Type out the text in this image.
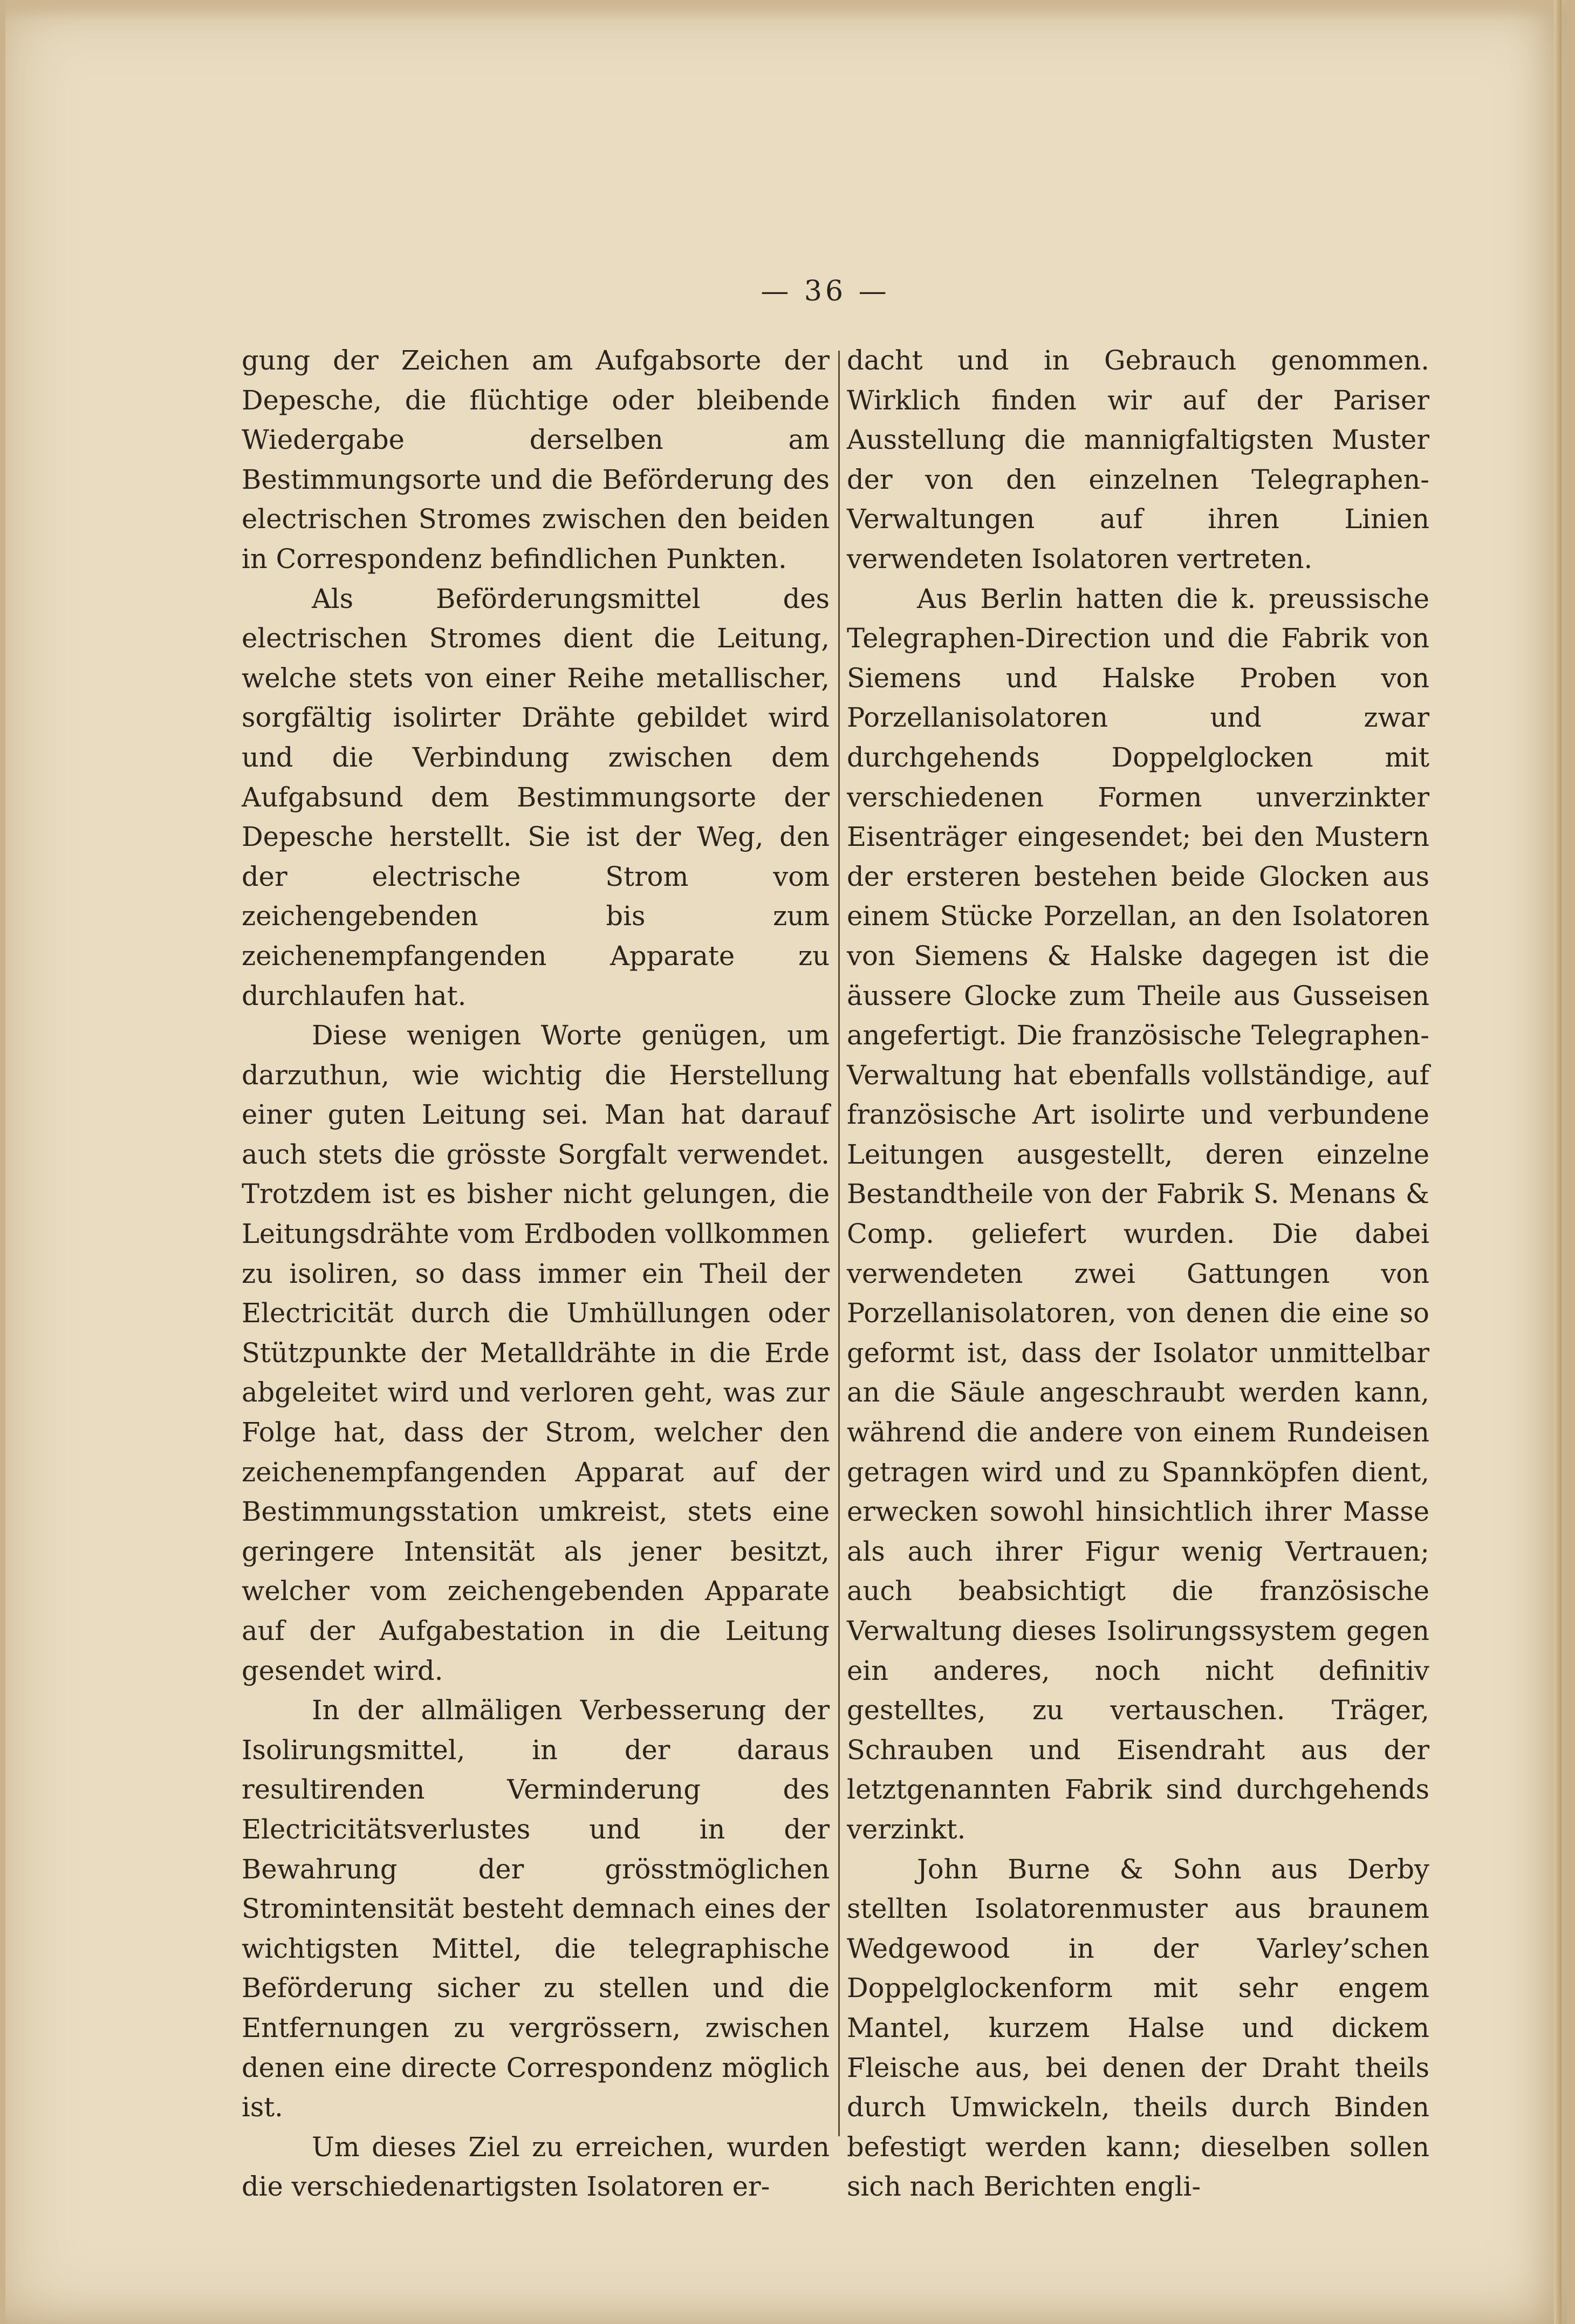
— 36 —

gung der Zeichen am Aufgabsorte der Depesche, die flüchtige oder bleibende Wiedergabe derselben am Bestimmungsorte und die Beförderung des electrischen Stromes zwischen den beiden in Correspondenz befindlichen Punkten.

Als Beförderungsmittel des electrischen Stromes dient die Leitung, welche stets von einer Reihe metallischer, sorgfältig isolirter Drähte gebildet wird und die Verbindung zwischen dem Aufgabsund dem Bestimmungsorte der Depesche herstellt. Sie ist der Weg, den der electrische Strom vom zeichengebenden bis zum zeichenempfangenden Apparate zu durchlaufen hat.

Diese wenigen Worte genügen, um darzuthun, wie wichtig die Herstellung einer guten Leitung sei. Man hat darauf auch stets die grösste Sorgfalt verwendet. Trotzdem ist es bisher nicht gelungen, die Leitungsdrähte vom Erdboden vollkommen zu isoliren, so dass immer ein Theil der Electricität durch die Umhüllungen oder Stützpunkte der Metalldrähte in die Erde abgeleitet wird und verloren geht, was zur Folge hat, dass der Strom, welcher den zeichenempfangenden Apparat auf der Bestimmungsstation umkreist, stets eine geringere Intensität als jener besitzt, welcher vom zeichengebenden Apparate auf der Aufgabestation in die Leitung gesendet wird.

In der allmäligen Verbesserung der Isolirungsmittel, in der daraus resultirenden Verminderung des Electricitätsverlustes und in der Bewahrung der grösstmöglichen Stromintensität besteht demnach eines der wichtigsten Mittel, die telegraphische Beförderung sicher zu stellen und die Entfernungen zu vergrössern, zwischen denen eine directe Correspondenz möglich ist.

Um dieses Ziel zu erreichen, wurden die verschiedenartigsten Isolatoren er-

dacht und in Gebrauch genommen. Wirklich finden wir auf der Pariser Ausstellung die mannigfaltigsten Muster der von den einzelnen Telegraphen-Verwaltungen auf ihren Linien verwendeten Isolatoren vertreten.

Aus Berlin hatten die k. preussische Telegraphen-Direction und die Fabrik von Siemens und Halske Proben von Porzellanisolatoren und zwar durchgehends Doppelglocken mit verschiedenen Formen unverzinkter Eisenträger eingesendet; bei den Mustern der ersteren bestehen beide Glocken aus einem Stücke Porzellan, an den Isolatoren von Siemens & Halske dagegen ist die äussere Glocke zum Theile aus Gusseisen angefertigt. Die französische Telegraphen-Verwaltung hat ebenfalls vollständige, auf französische Art isolirte und verbundene Leitungen ausgestellt, deren einzelne Bestandtheile von der Fabrik S. Menans & Comp. geliefert wurden. Die dabei verwendeten zwei Gattungen von Porzellanisolatoren, von denen die eine so geformt ist, dass der Isolator unmittelbar an die Säule angeschraubt werden kann, während die andere von einem Rundeisen getragen wird und zu Spannköpfen dient, erwecken sowohl hinsichtlich ihrer Masse als auch ihrer Figur wenig Vertrauen; auch beabsichtigt die französische Verwaltung dieses Isolirungssystem gegen ein anderes, noch nicht definitiv gestelltes, zu vertauschen. Träger, Schrauben und Eisendraht aus der letztgenannten Fabrik sind durchgehends verzinkt.

John Burne & Sohn aus Derby stellten Isolatorenmuster aus braunem Wedgewood in der Varley’schen Doppelglockenform mit sehr engem Mantel, kurzem Halse und dickem Fleische aus, bei denen der Draht theils durch Umwickeln, theils durch Binden befestigt werden kann; dieselben sollen sich nach Berichten engli-
